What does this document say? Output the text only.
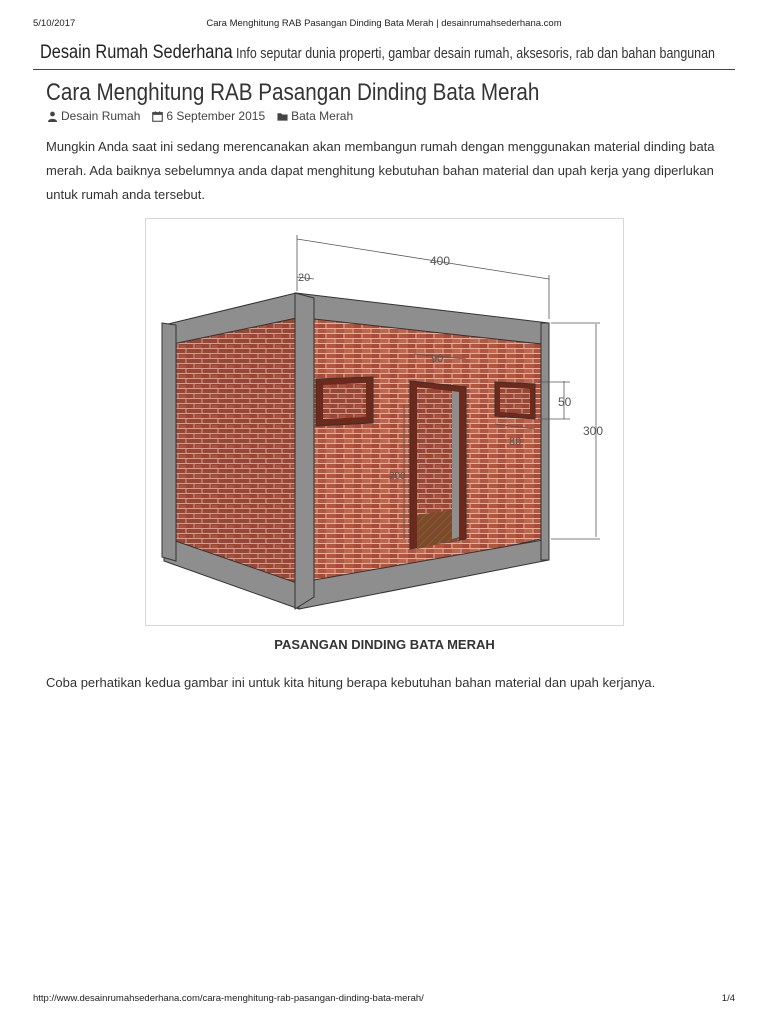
5/10/2017	Cara Menghitung RAB Pasangan Dinding Bata Merah | desainrumahsederhana.com
Desain Rumah Sederhana Info seputar dunia properti, gambar desain rumah, aksesoris, rab dan bahan bangunan
Cara Menghitung RAB Pasangan Dinding Bata Merah
Desain Rumah 6 September 2015 Bata Merah

Mungkin Anda saat ini sedang merencanakan akan membangun rumah dengan menggunakan material dinding bata merah. Ada baiknya sebelumnya anda dapat menghitung kebutuhan bahan material dan upah kerja yang diperlukan untuk rumah anda tersebut.

400
20
300
50
80
90
200
PASANGAN DINDING BATA MERAH

Coba perhatikan kedua gambar ini untuk kita hitung berapa kebutuhan bahan material dan upah kerjanya.

http://www.desainrumahsederhana.com/cara-menghitung-rab-pasangan-dinding-bata-merah/	1/4
